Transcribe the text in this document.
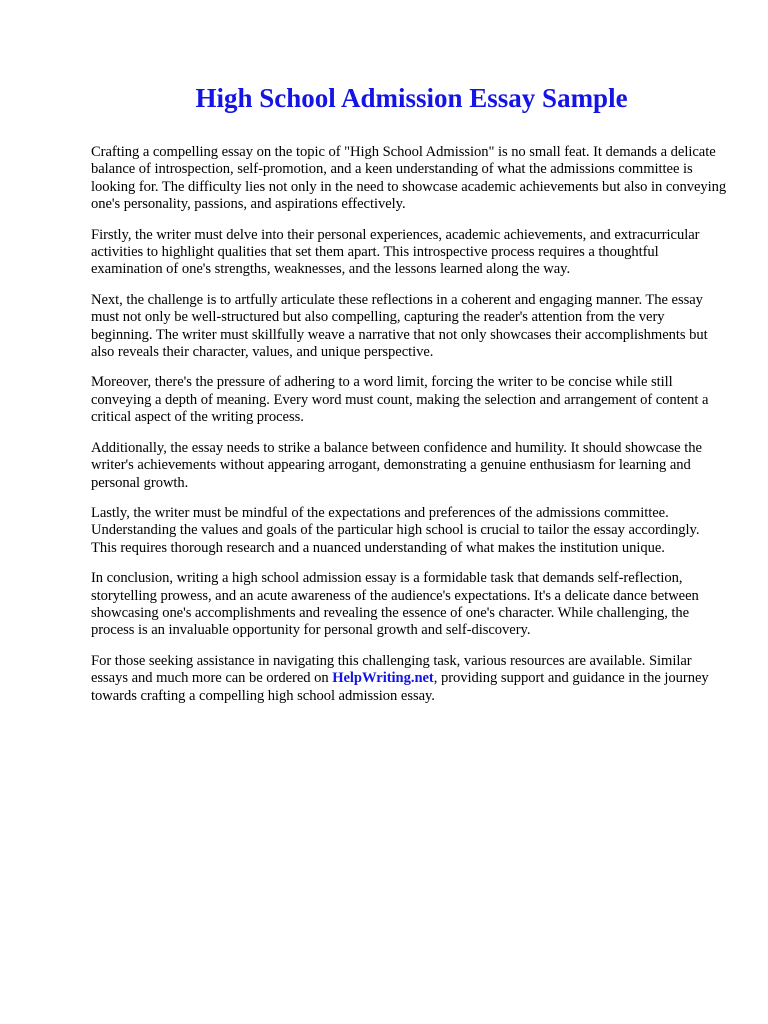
High School Admission Essay Sample

Crafting a compelling essay on the topic of "High School Admission" is no small feat. It demands a delicate balance of introspection, self-promotion, and a keen understanding of what the admissions committee is looking for. The difficulty lies not only in the need to showcase academic achievements but also in conveying one's personality, passions, and aspirations effectively.

Firstly, the writer must delve into their personal experiences, academic achievements, and extracurricular activities to highlight qualities that set them apart. This introspective process requires a thoughtful examination of one's strengths, weaknesses, and the lessons learned along the way.

Next, the challenge is to artfully articulate these reflections in a coherent and engaging manner. The essay must not only be well-structured but also compelling, capturing the reader's attention from the very beginning. The writer must skillfully weave a narrative that not only showcases their accomplishments but also reveals their character, values, and unique perspective.

Moreover, there's the pressure of adhering to a word limit, forcing the writer to be concise while still conveying a depth of meaning. Every word must count, making the selection and arrangement of content a critical aspect of the writing process.

Additionally, the essay needs to strike a balance between confidence and humility. It should showcase the writer's achievements without appearing arrogant, demonstrating a genuine enthusiasm for learning and personal growth.

Lastly, the writer must be mindful of the expectations and preferences of the admissions committee. Understanding the values and goals of the particular high school is crucial to tailor the essay accordingly. This requires thorough research and a nuanced understanding of what makes the institution unique.

In conclusion, writing a high school admission essay is a formidable task that demands self-reflection, storytelling prowess, and an acute awareness of the audience's expectations. It's a delicate dance between showcasing one's accomplishments and revealing the essence of one's character. While challenging, the process is an invaluable opportunity for personal growth and self-discovery.

For those seeking assistance in navigating this challenging task, various resources are available. Similar essays and much more can be ordered on HelpWriting.net, providing support and guidance in the journey towards crafting a compelling high school admission essay.
